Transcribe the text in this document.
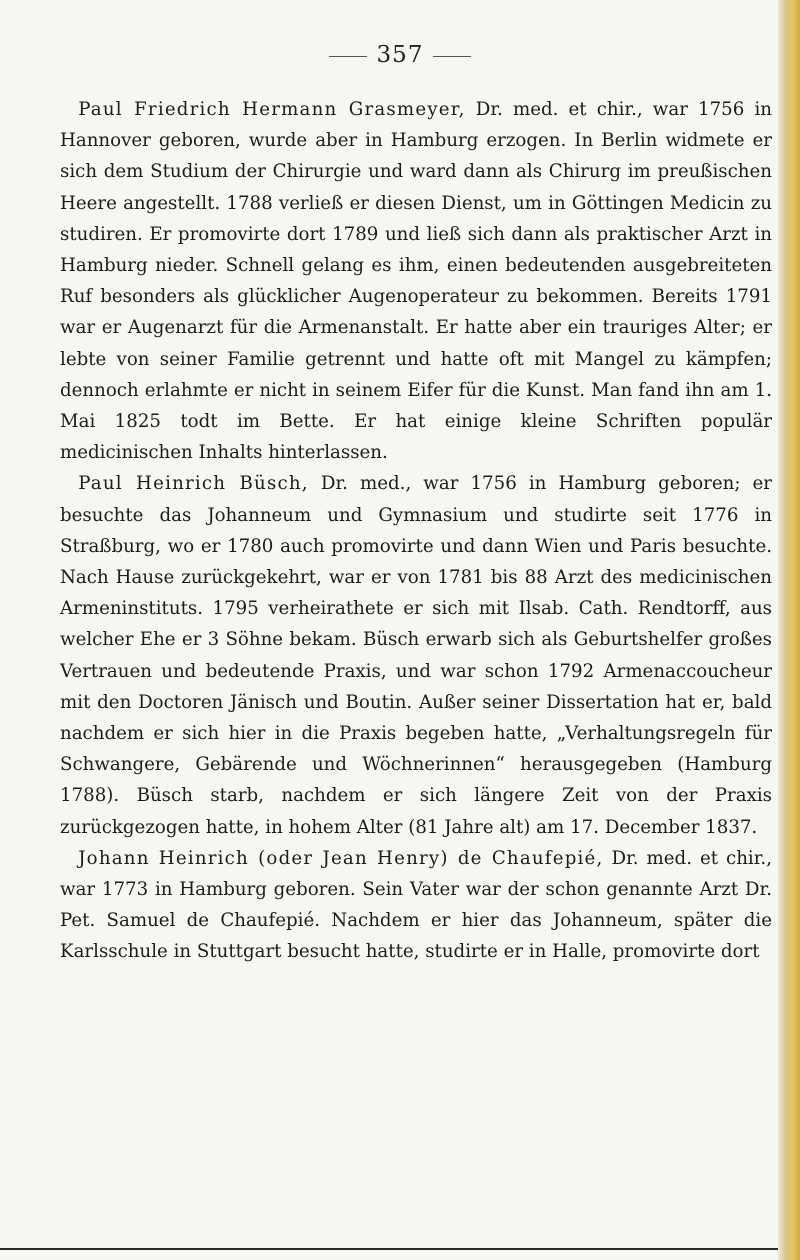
357

 Paul Friedrich Hermann Grasmeyer, Dr. med. et chir., war 1756 in Hannover geboren, wurde aber in Hamburg erzogen. In Berlin widmete er sich dem Studium der Chirurgie und ward dann als Chirurg im preußischen Heere angestellt. 1788 verließ er diesen Dienst, um in Göttingen Medicin zu studiren. Er promovirte dort 1789 und ließ sich dann als praktischer Arzt in Hamburg nieder. Schnell gelang es ihm, einen bedeutenden ausgebreiteten Ruf besonders als glücklicher Augenoperateur zu bekommen. Bereits 1791 war er Augenarzt für die Armenanstalt. Er hatte aber ein trauriges Alter; er lebte von seiner Familie getrennt und hatte oft mit Mangel zu kämpfen; dennoch erlahmte er nicht in seinem Eifer für die Kunst. Man fand ihn am 1. Mai 1825 todt im Bette. Er hat einige kleine Schriften populär medicinischen Inhalts hinterlassen.

 Paul Heinrich Büsch, Dr. med., war 1756 in Hamburg geboren; er besuchte das Johanneum und Gymnasium und studirte seit 1776 in Straßburg, wo er 1780 auch promovirte und dann Wien und Paris besuchte. Nach Hause zurückgekehrt, war er von 1781 bis 88 Arzt des medicinischen Armeninstituts. 1795 verheirathete er sich mit Ilsab. Cath. Rendtorff, aus welcher Ehe er 3 Söhne bekam. Büsch erwarb sich als Geburtshelfer großes Vertrauen und bedeutende Praxis, und war schon 1792 Armenaccoucheur mit den Doctoren Jänisch und Boutin. Außer seiner Dissertation hat er, bald nachdem er sich hier in die Praxis begeben hatte, „Verhaltungsregeln für Schwangere, Gebärende und Wöchnerinnen“ herausgegeben (Hamburg 1788). Büsch starb, nachdem er sich längere Zeit von der Praxis zurückgezogen hatte, in hohem Alter (81 Jahre alt) am 17. December 1837.

 Johann Heinrich (oder Jean Henry) de Chaufepié, Dr. med. et chir., war 1773 in Hamburg geboren. Sein Vater war der schon genannte Arzt Dr. Pet. Samuel de Chaufepié. Nachdem er hier das Johanneum, später die Karlsschule in Stuttgart besucht hatte, studirte er in Halle, promovirte dort
